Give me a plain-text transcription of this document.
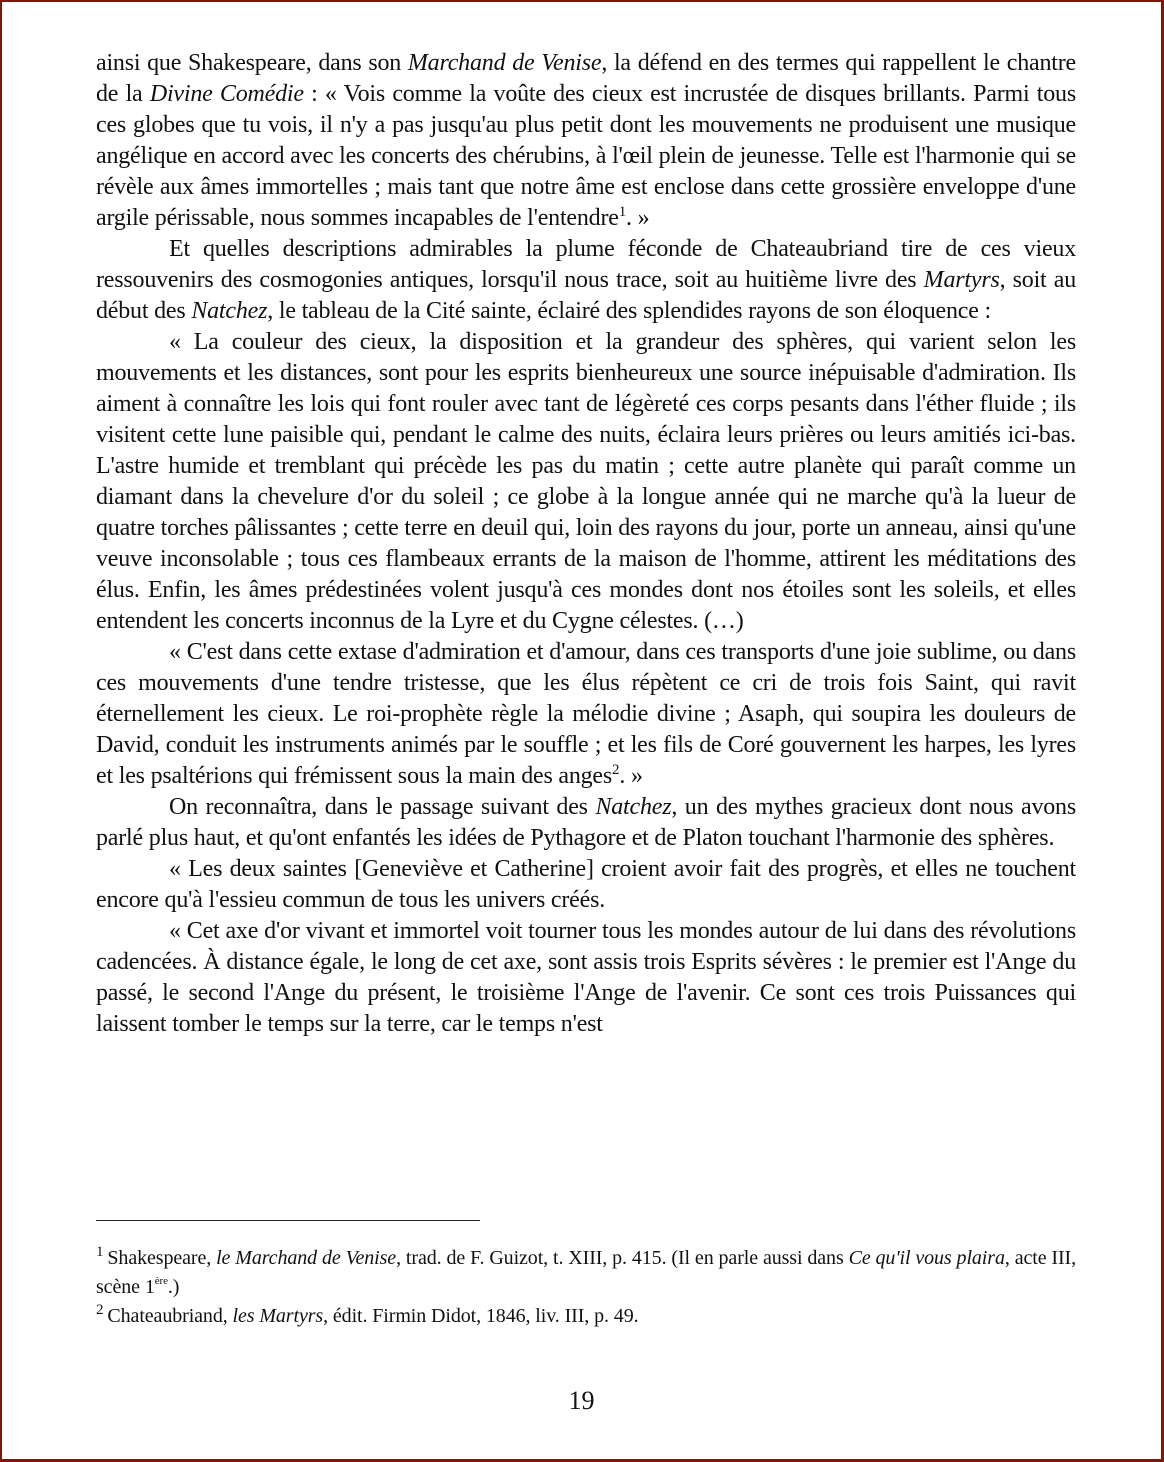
ainsi que Shakespeare, dans son Marchand de Venise, la défend en des termes qui rappellent le chantre de la Divine Comédie : « Vois comme la voûte des cieux est incrustée de disques brillants. Parmi tous ces globes que tu vois, il n'y a pas jusqu'au plus petit dont les mouvements ne produisent une musique angélique en accord avec les concerts des chérubins, à l'œil plein de jeunesse. Telle est l'harmonie qui se révèle aux âmes immortelles ; mais tant que notre âme est enclose dans cette grossière enveloppe d'une argile périssable, nous sommes incapables de l'entendre$^1$. »

Et quelles descriptions admirables la plume féconde de Chateaubriand tire de ces vieux ressouvenirs des cosmogonies antiques, lorsqu'il nous trace, soit au huitième livre des Martyrs, soit au début des Natchez, le tableau de la Cité sainte, éclairé des splendides rayons de son éloquence :

« La couleur des cieux, la disposition et la grandeur des sphères, qui varient selon les mouvements et les distances, sont pour les esprits bienheureux une source inépuisable d'admiration. Ils aiment à connaître les lois qui font rouler avec tant de légèreté ces corps pesants dans l'éther fluide ; ils visitent cette lune paisible qui, pendant le calme des nuits, éclaira leurs prières ou leurs amitiés ici-bas. L'astre humide et tremblant qui précède les pas du matin ; cette autre planète qui paraît comme un diamant dans la chevelure d'or du soleil ; ce globe à la longue année qui ne marche qu'à la lueur de quatre torches pâlissantes ; cette terre en deuil qui, loin des rayons du jour, porte un anneau, ainsi qu'une veuve inconsolable ; tous ces flambeaux errants de la maison de l'homme, attirent les méditations des élus. Enfin, les âmes prédestinées volent jusqu'à ces mondes dont nos étoiles sont les soleils, et elles entendent les concerts inconnus de la Lyre et du Cygne célestes. (…)

« C'est dans cette extase d'admiration et d'amour, dans ces transports d'une joie sublime, ou dans ces mouvements d'une tendre tristesse, que les élus répètent ce cri de trois fois Saint, qui ravit éternellement les cieux. Le roi-prophète règle la mélodie divine ; Asaph, qui soupira les douleurs de David, conduit les instruments animés par le souffle ; et les fils de Coré gouvernent les harpes, les lyres et les psaltérions qui frémissent sous la main des anges$^2$. »

On reconnaîtra, dans le passage suivant des Natchez, un des mythes gracieux dont nous avons parlé plus haut, et qu'ont enfantés les idées de Pythagore et de Platon touchant l'harmonie des sphères.

« Les deux saintes [Geneviève et Catherine] croient avoir fait des progrès, et elles ne touchent encore qu'à l'essieu commun de tous les univers créés.

« Cet axe d'or vivant et immortel voit tourner tous les mondes autour de lui dans des révolutions cadencées. À distance égale, le long de cet axe, sont assis trois Esprits sévères : le premier est l'Ange du passé, le second l'Ange du présent, le troisième l'Ange de l'avenir. Ce sont ces trois Puissances qui laissent tomber le temps sur la terre, car le temps n'est

$^1$ Shakespeare, le Marchand de Venise, trad. de F. Guizot, t. XIII, p. 415. (Il en parle aussi dans Ce qu'il vous plaira, acte III, scène 1ère.)

$^2$ Chateaubriand, les Martyrs, édit. Firmin Didot, 1846, liv. III, p. 49.

19
